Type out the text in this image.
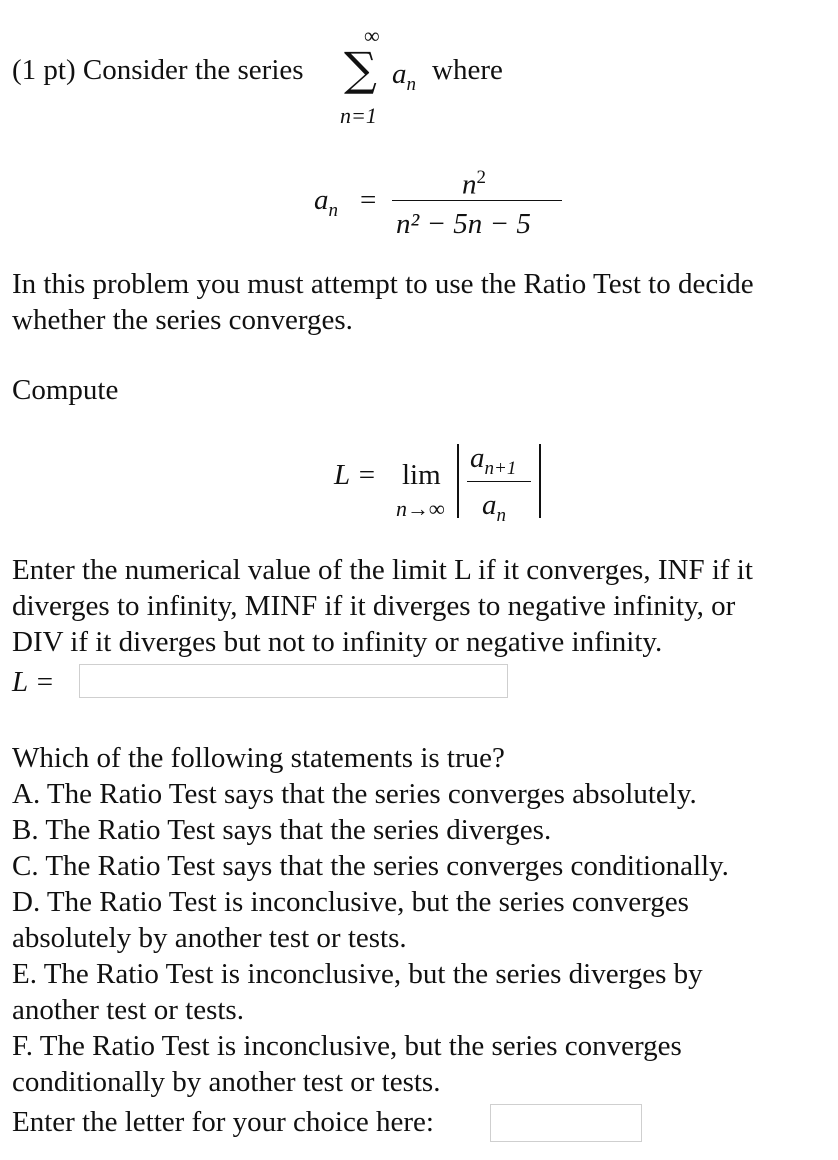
(1 pt) Consider the series
∞
∑
n=1
$a_n$ where
$a_n$ =	$n^2$
n² − 5n − 5
In this problem you must attempt to use the Ratio Test to decide
whether the series converges.
Compute
L = lim
n→∞
$a_{n+1}$
$a_n$
Enter the numerical value of the limit L if it converges, INF if it
diverges to infinity, MINF if it diverges to negative infinity, or
DIV if it diverges but not to infinity or negative infinity.
L =
Which of the following statements is true?
A. The Ratio Test says that the series converges absolutely.
B. The Ratio Test says that the series diverges.
C. The Ratio Test says that the series converges conditionally.
D. The Ratio Test is inconclusive, but the series converges
absolutely by another test or tests.
E. The Ratio Test is inconclusive, but the series diverges by
another test or tests.
F. The Ratio Test is inconclusive, but the series converges
conditionally by another test or tests.
Enter the letter for your choice here:
